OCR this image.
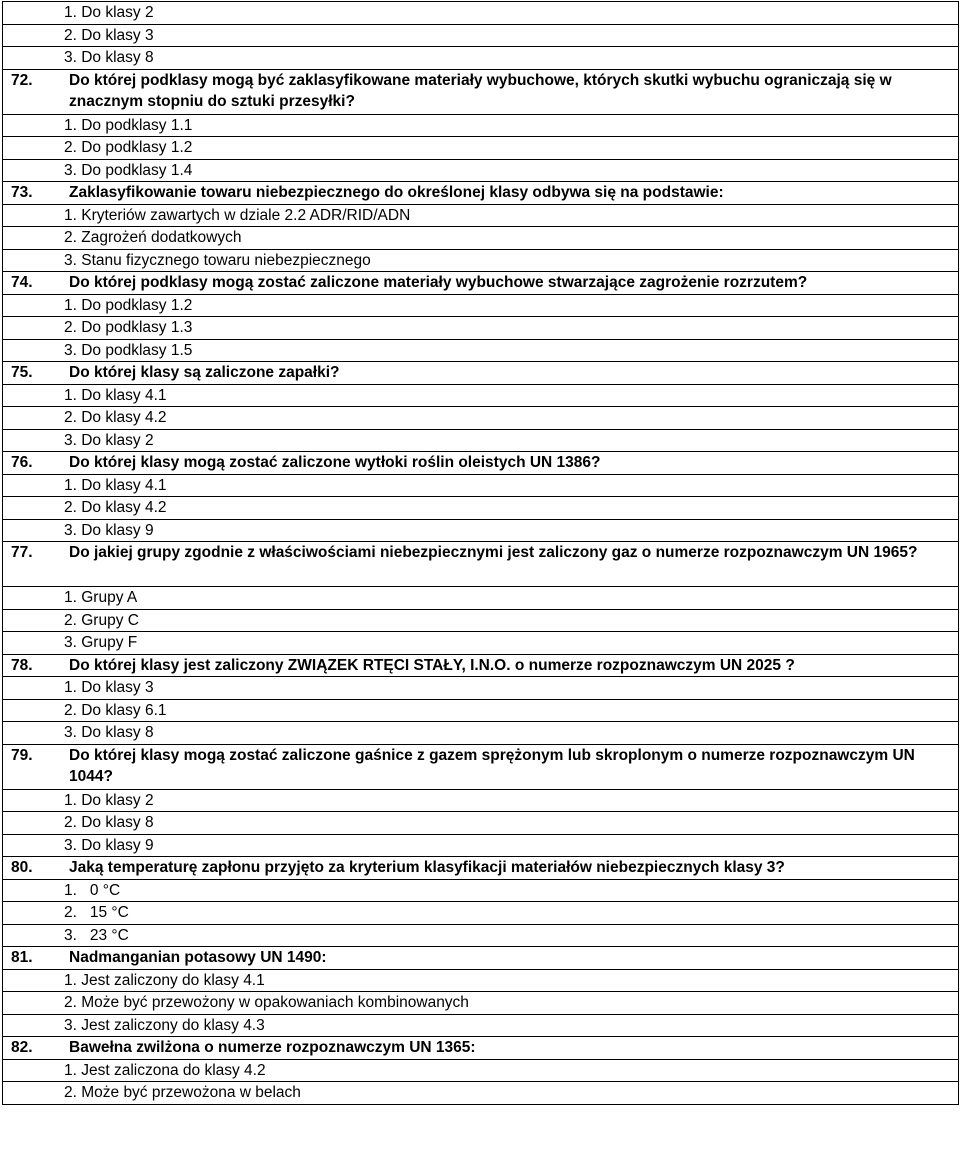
1. Do klasy 2
2. Do klasy 3
3. Do klasy 8
72. Do której podklasy mogą być zaklasyfikowane materiały wybuchowe, których skutki wybuchu ograniczają się w znacznym stopniu do sztuki przesyłki?
1. Do podklasy 1.1
2. Do podklasy 1.2
3. Do podklasy 1.4
73. Zaklasyfikowanie towaru niebezpiecznego do określonej klasy odbywa się na podstawie:
1. Kryteriów zawartych w dziale 2.2 ADR/RID/ADN
2. Zagrożeń dodatkowych
3. Stanu fizycznego towaru niebezpiecznego
74. Do której podklasy mogą zostać zaliczone materiały wybuchowe stwarzające zagrożenie rozrzutem?
1. Do podklasy 1.2
2. Do podklasy 1.3
3. Do podklasy 1.5
75. Do której klasy są zaliczone zapałki?
1. Do klasy 4.1
2. Do klasy 4.2
3. Do klasy 2
76. Do której klasy mogą zostać zaliczone wytłoki roślin oleistych UN 1386?
1. Do klasy 4.1
2. Do klasy 4.2
3. Do klasy 9
77. Do jakiej grupy zgodnie z właściwościami niebezpiecznymi jest zaliczony gaz o numerze rozpoznawczym UN 1965?
1. Grupy A
2. Grupy C
3. Grupy F
78. Do której klasy jest zaliczony ZWIĄZEK RTĘCI STAŁY, I.N.O. o numerze rozpoznawczym UN 2025 ?
1. Do klasy 3
2. Do klasy 6.1
3. Do klasy 8
79. Do której klasy mogą zostać zaliczone gaśnice z gazem sprężonym lub skroplonym o numerze rozpoznawczym UN 1044?
1. Do klasy 2
2. Do klasy 8
3. Do klasy 9
80. Jaką temperaturę zapłonu przyjęto za kryterium klasyfikacji materiałów niebezpiecznych klasy 3?
1.   0 °C
2.   15 °C
3.   23 °C
81. Nadmanganian potasowy UN 1490:
1. Jest zaliczony do klasy 4.1
2. Może być przewożony w opakowaniach kombinowanych
3. Jest zaliczony do klasy 4.3
82. Bawełna zwilżona o numerze rozpoznawczym UN 1365:
1. Jest zaliczona do klasy 4.2
2. Może być przewożona w belach
